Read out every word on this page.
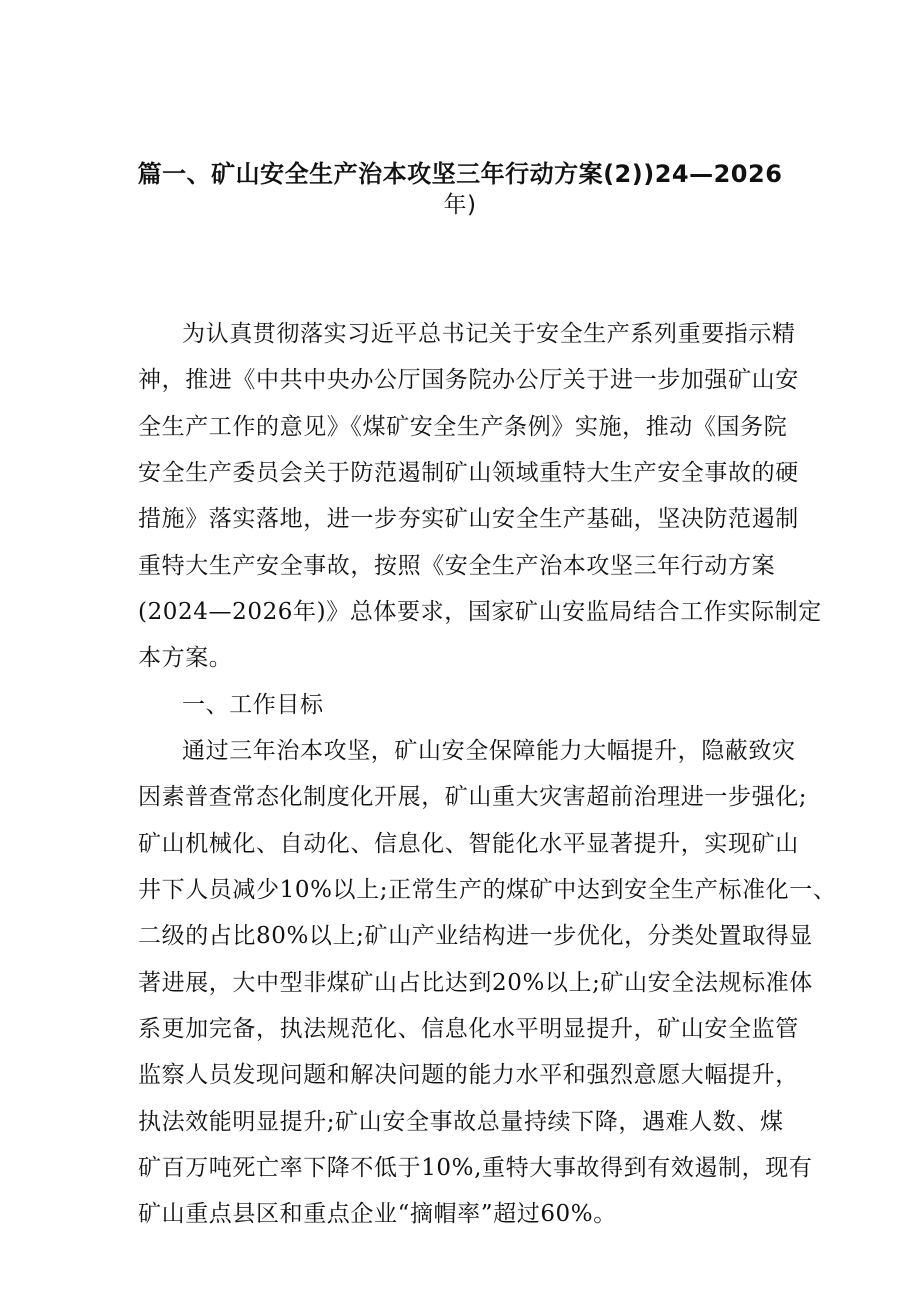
篇一、矿山安全生产治本攻坚三年行动方案(2))24—2026
年)
为认真贯彻落实习近平总书记关于安全生产系列重要指示精
神，推进《中共中央办公厅国务院办公厅关于进一步加强矿山安
全生产工作的意见》《煤矿安全生产条例》实施，推动《国务院
安全生产委员会关于防范遏制矿山领域重特大生产安全事故的硬
措施》落实落地，进一步夯实矿山安全生产基础，坚决防范遏制
重特大生产安全事故，按照《安全生产治本攻坚三年行动方案
(2024—2026年)》总体要求，国家矿山安监局结合工作实际制定
本方案。
一、工作目标
通过三年治本攻坚，矿山安全保障能力大幅提升，隐蔽致灾
因素普查常态化制度化开展，矿山重大灾害超前治理进一步强化;
矿山机械化、自动化、信息化、智能化水平显著提升，实现矿山
井下人员减少10%以上;正常生产的煤矿中达到安全生产标准化一、
二级的占比80%以上;矿山产业结构进一步优化，分类处置取得显
著进展，大中型非煤矿山占比达到20%以上;矿山安全法规标准体
系更加完备，执法规范化、信息化水平明显提升，矿山安全监管
监察人员发现问题和解决问题的能力水平和强烈意愿大幅提升，
执法效能明显提升;矿山安全事故总量持续下降，遇难人数、煤
矿百万吨死亡率下降不低于10%,重特大事故得到有效遏制，现有
矿山重点县区和重点企业“摘帽率”超过60%。
